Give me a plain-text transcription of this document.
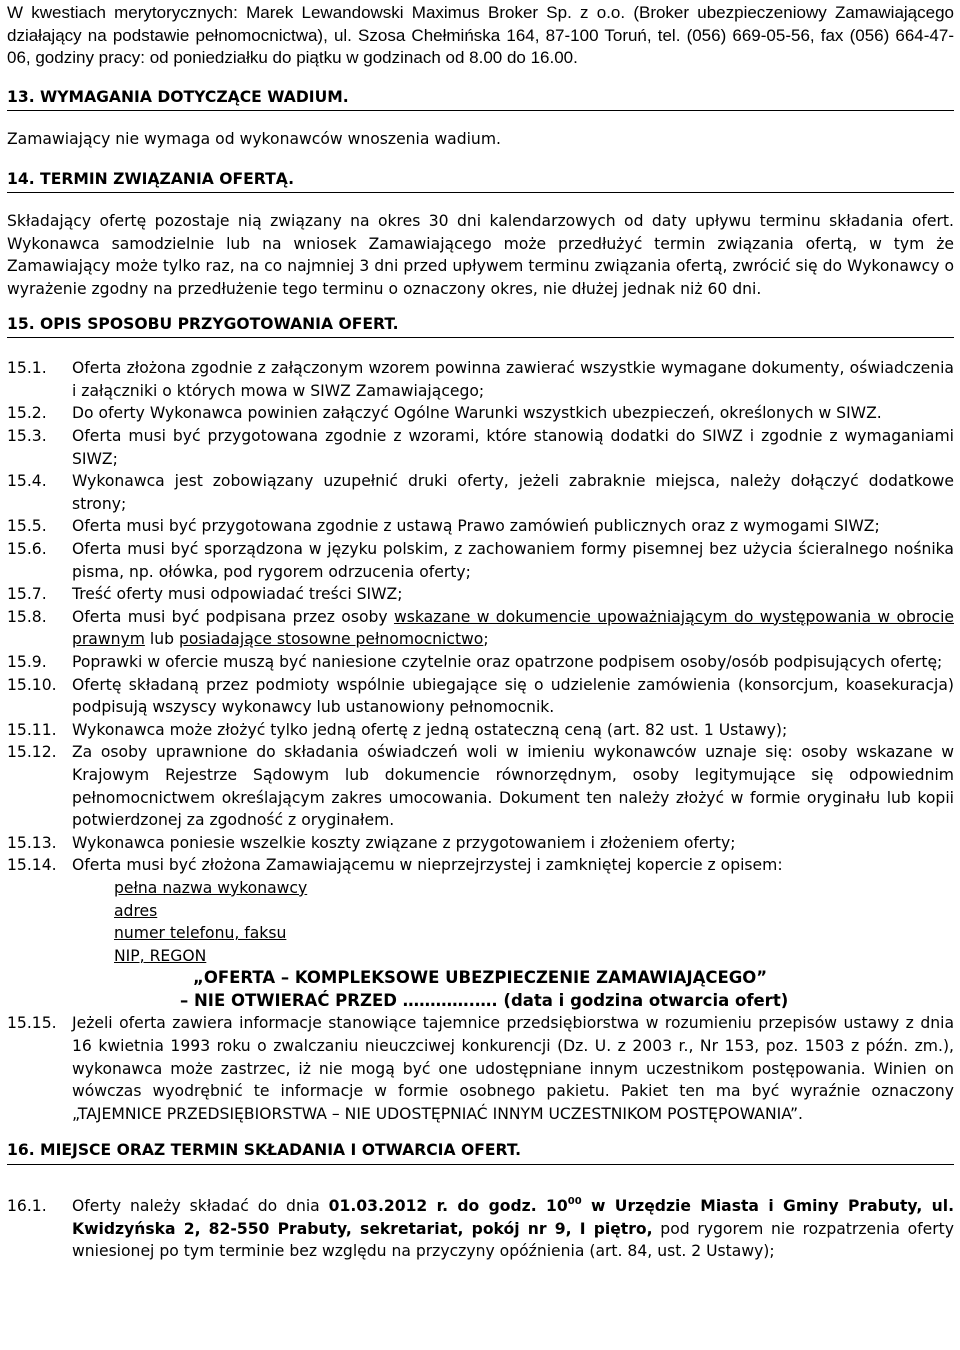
W kwestiach merytorycznych: Marek Lewandowski Maximus Broker Sp. z o.o. (Broker ubezpieczeniowy Zamawiającego działający na podstawie pełnomocnictwa), ul. Szosa Chełmińska 164, 87-100 Toruń, tel. (056) 669-05-56, fax (056) 664-47-06, godziny pracy: od poniedziałku do piątku w godzinach od 8.00 do 16.00.

13. WYMAGANIA DOTYCZĄCE WADIUM.

Zamawiający nie wymaga od wykonawców wnoszenia wadium.

14. TERMIN ZWIĄZANIA OFERTĄ.

Składający ofertę pozostaje nią związany na okres 30 dni kalendarzowych od daty upływu terminu składania ofert. Wykonawca samodzielnie lub na wniosek Zamawiającego może przedłużyć termin związania ofertą, w tym że Zamawiający może tylko raz, na co najmniej 3 dni przed upływem terminu związania ofertą, zwrócić się do Wykonawcy o wyrażenie zgodny na przedłużenie tego terminu o oznaczony okres, nie dłużej jednak niż 60 dni.

15. OPIS SPOSOBU PRZYGOTOWANIA OFERT.
15.1.	Oferta złożona zgodnie z załączonym wzorem powinna zawierać wszystkie wymagane dokumenty, oświadczenia i załączniki o których mowa w SIWZ Zamawiającego;
15.2.	Do oferty Wykonawca powinien załączyć Ogólne Warunki wszystkich ubezpieczeń, określonych w SIWZ.
15.3.	Oferta musi być przygotowana zgodnie z wzorami, które stanowią dodatki do SIWZ i zgodnie z wymaganiami SIWZ;
15.4.	Wykonawca jest zobowiązany uzupełnić druki oferty, jeżeli zabraknie miejsca, należy dołączyć dodatkowe strony;
15.5.	Oferta musi być przygotowana zgodnie z ustawą Prawo zamówień publicznych oraz z wymogami SIWZ;
15.6.	Oferta musi być sporządzona w języku polskim, z zachowaniem formy pisemnej bez użycia ścieralnego nośnika pisma, np. ołówka, pod rygorem odrzucenia oferty;
15.7.	Treść oferty musi odpowiadać treści SIWZ;
15.8.	Oferta musi być podpisana przez osoby wskazane w dokumencie upoważniającym do występowania w obrocie prawnym lub posiadające stosowne pełnomocnictwo;
15.9.	Poprawki w ofercie muszą być naniesione czytelnie oraz opatrzone podpisem osoby/osób podpisujących ofertę;
15.10. Ofertę składaną przez podmioty wspólnie ubiegające się o udzielenie zamówienia (konsorcjum, koasekuracja) podpisują wszyscy wykonawcy lub ustanowiony pełnomocnik.
15.11. Wykonawca może złożyć tylko jedną ofertę z jedną ostateczną ceną (art. 82 ust. 1 Ustawy);
15.12. Za osoby uprawnione do składania oświadczeń woli w imieniu wykonawców uznaje się: osoby wskazane w Krajowym Rejestrze Sądowym lub dokumencie równorzędnym, osoby legitymujące się odpowiednim pełnomocnictwem określającym zakres umocowania. Dokument ten należy złożyć w formie oryginału lub kopii potwierdzonej za zgodność z oryginałem.
15.13. Wykonawca poniesie wszelkie koszty związane z przygotowaniem i złożeniem oferty;
15.14. Oferta musi być złożona Zamawiającemu w nieprzejrzystej i zamkniętej kopercie z opisem:
pełna nazwa wykonawcy
adres
numer telefonu, faksu
NIP, REGON
„OFERTA – KOMPLEKSOWE UBEZPIECZENIE ZAMAWIAJĄCEGO”
– NIE OTWIERAĆ PRZED ………….…. (data i godzina otwarcia ofert)
15.15. Jeżeli oferta zawiera informacje stanowiące tajemnice przedsiębiorstwa w rozumieniu przepisów ustawy z dnia 16 kwietnia 1993 roku o zwalczaniu nieuczciwej konkurencji (Dz. U. z 2003 r., Nr 153, poz. 1503 z późn. zm.), wykonawca może zastrzec, iż nie mogą być one udostępniane innym uczestnikom postępowania. Winien on wówczas wyodrębnić te informacje w formie osobnego pakietu. Pakiet ten ma być wyraźnie oznaczony „TAJEMNICE PRZEDSIĘBIORSTWA – NIE UDOSTĘPNIAĆ INNYM UCZESTNIKOM POSTĘPOWANIA”.
16. MIEJSCE ORAZ TERMIN SKŁADANIA I OTWARCIA OFERT.
16.1.	Oferty należy składać do dnia 01.03.2012 r. do godz. $10^{00}$ w Urzędzie Miasta i Gminy Prabuty, ul. Kwidzyńska 2, 82-550 Prabuty, sekretariat, pokój nr 9, I piętro, pod rygorem nie rozpatrzenia oferty wniesionej po tym terminie bez względu na przyczyny opóźnienia (art. 84, ust. 2 Ustawy);
